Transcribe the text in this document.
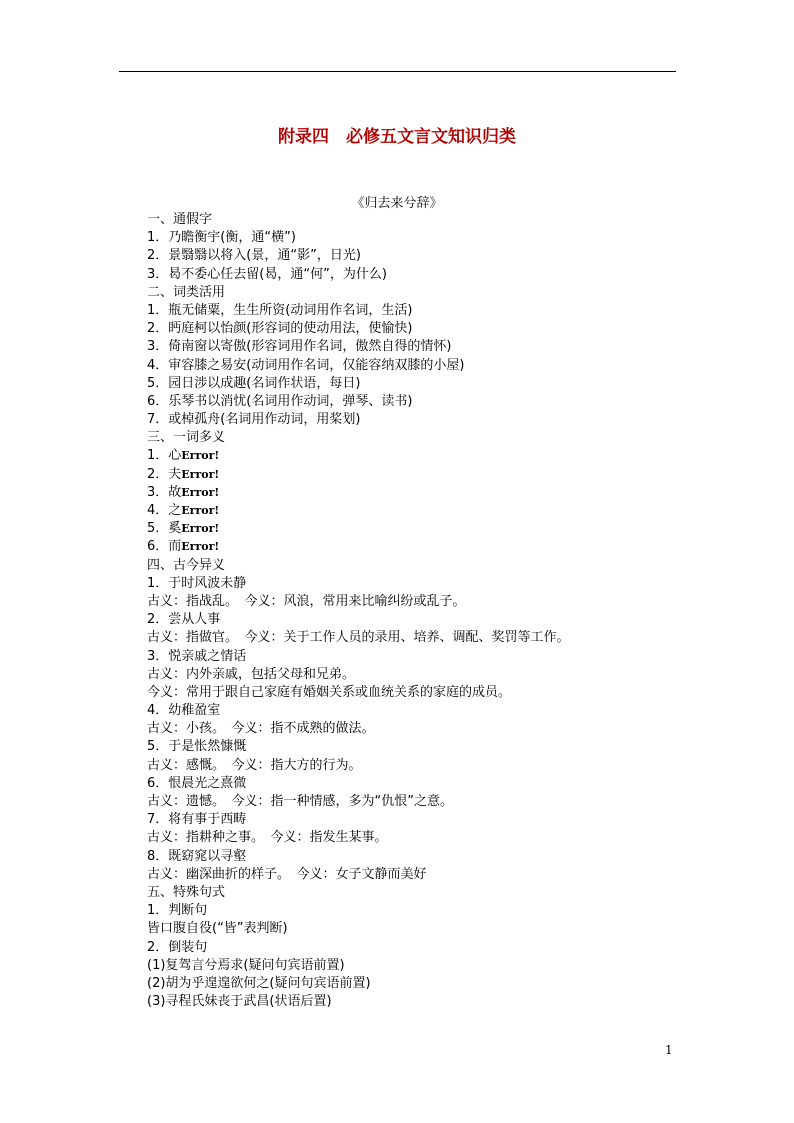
附录四　必修五文言文知识归类
《归去来兮辞》
一、通假字
1．乃瞻衡宇(衡，通“横”)
2．景翳翳以将入(景，通“影”，日光)
3．曷不委心任去留(曷，通“何”，为什么)
二、词类活用
1．瓶无储粟，生生所资(动词用作名词，生活)
2．眄庭柯以怡颜(形容词的使动用法，使愉快)
3．倚南窗以寄傲(形容词用作名词，傲然自得的情怀)
4．审容膝之易安(动词用作名词，仅能容纳双膝的小屋)
5．园日涉以成趣(名词作状语，每日)
6．乐琴书以消忧(名词用作动词，弹琴、读书)
7．或棹孤舟(名词用作动词，用桨划)
三、一词多义
1．心Error!
2．夫Error!
3．故Error!
4．之Error!
5．奚Error!
6．而Error!
四、古今异义
1．于时风波未静
古义：指战乱。　今义：风浪，常用来比喻纠纷或乱子。
2．尝从人事
古义：指做官。　今义：关于工作人员的录用、培养、调配、奖罚等工作。
3．悦亲戚之情话
古义：内外亲戚，包括父母和兄弟。
今义：常用于跟自己家庭有婚姻关系或血统关系的家庭的成员。
4．幼稚盈室
古义：小孩。　今义：指不成熟的做法。
5．于是怅然慷慨
古义：感慨。　今义：指大方的行为。
6．恨晨光之熹微
古义：遗憾。　今义：指一种情感，多为“仇恨”之意。
7．将有事于西畴
古义：指耕种之事。　今义：指发生某事。
8．既窈窕以寻壑
古义：幽深曲折的样子。　今义：女子文静而美好
五、特殊句式
1．判断句
皆口腹自役(“皆”表判断)
2．倒装句
(1)复驾言兮焉求(疑问句宾语前置)
(2)胡为乎遑遑欲何之(疑问句宾语前置)
(3)寻程氏妹丧于武昌(状语后置)
1
